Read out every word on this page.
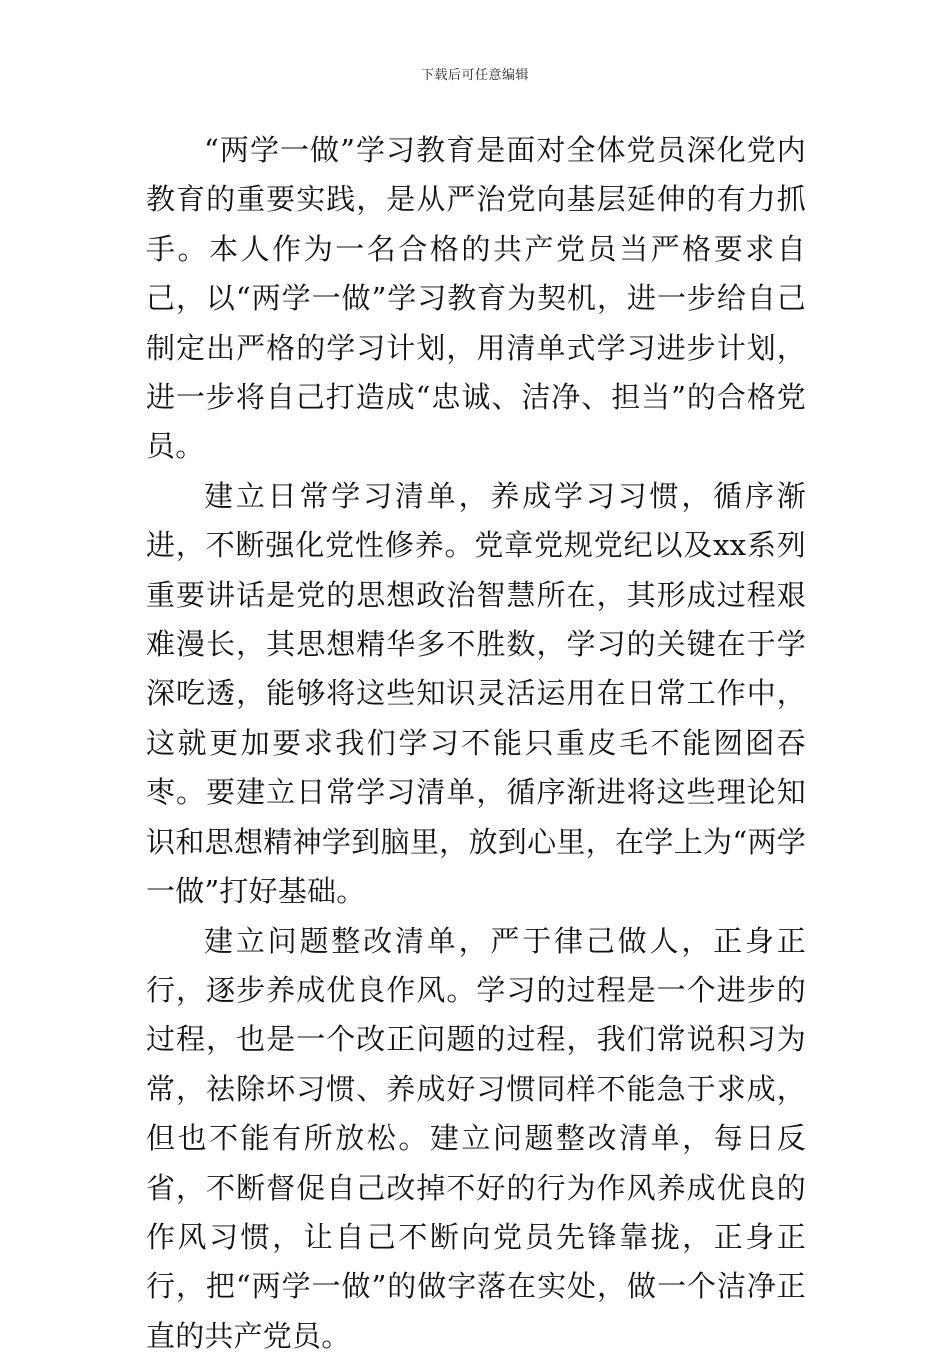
下载后可任意编辑

“两学一做”学习教育是面对全体党员深化党内教育的重要实践，是从严治党向基层延伸的有力抓手。本人作为一名合格的共产党员当严格要求自己，以“两学一做”学习教育为契机，进一步给自己制定出严格的学习计划，用清单式学习进步计划，进一步将自己打造成“忠诚、洁净、担当”的合格党员。

建立日常学习清单，养成学习习惯，循序渐进，不断强化党性修养。党章党规党纪以及xx系列重要讲话是党的思想政治智慧所在，其形成过程艰难漫长，其思想精华多不胜数，学习的关键在于学深吃透，能够将这些知识灵活运用在日常工作中，这就更加要求我们学习不能只重皮毛不能囫囵吞枣。要建立日常学习清单，循序渐进将这些理论知识和思想精神学到脑里，放到心里，在学上为“两学一做”打好基础。

建立问题整改清单，严于律己做人，正身正行，逐步养成优良作风。学习的过程是一个进步的过程，也是一个改正问题的过程，我们常说积习为常，祛除坏习惯、养成好习惯同样不能急于求成，但也不能有所放松。建立问题整改清单，每日反省，不断督促自己改掉不好的行为作风养成优良的作风习惯，让自己不断向党员先锋靠拢，正身正行，把“两学一做”的做字落在实处，做一个洁净正直的共产党员。
